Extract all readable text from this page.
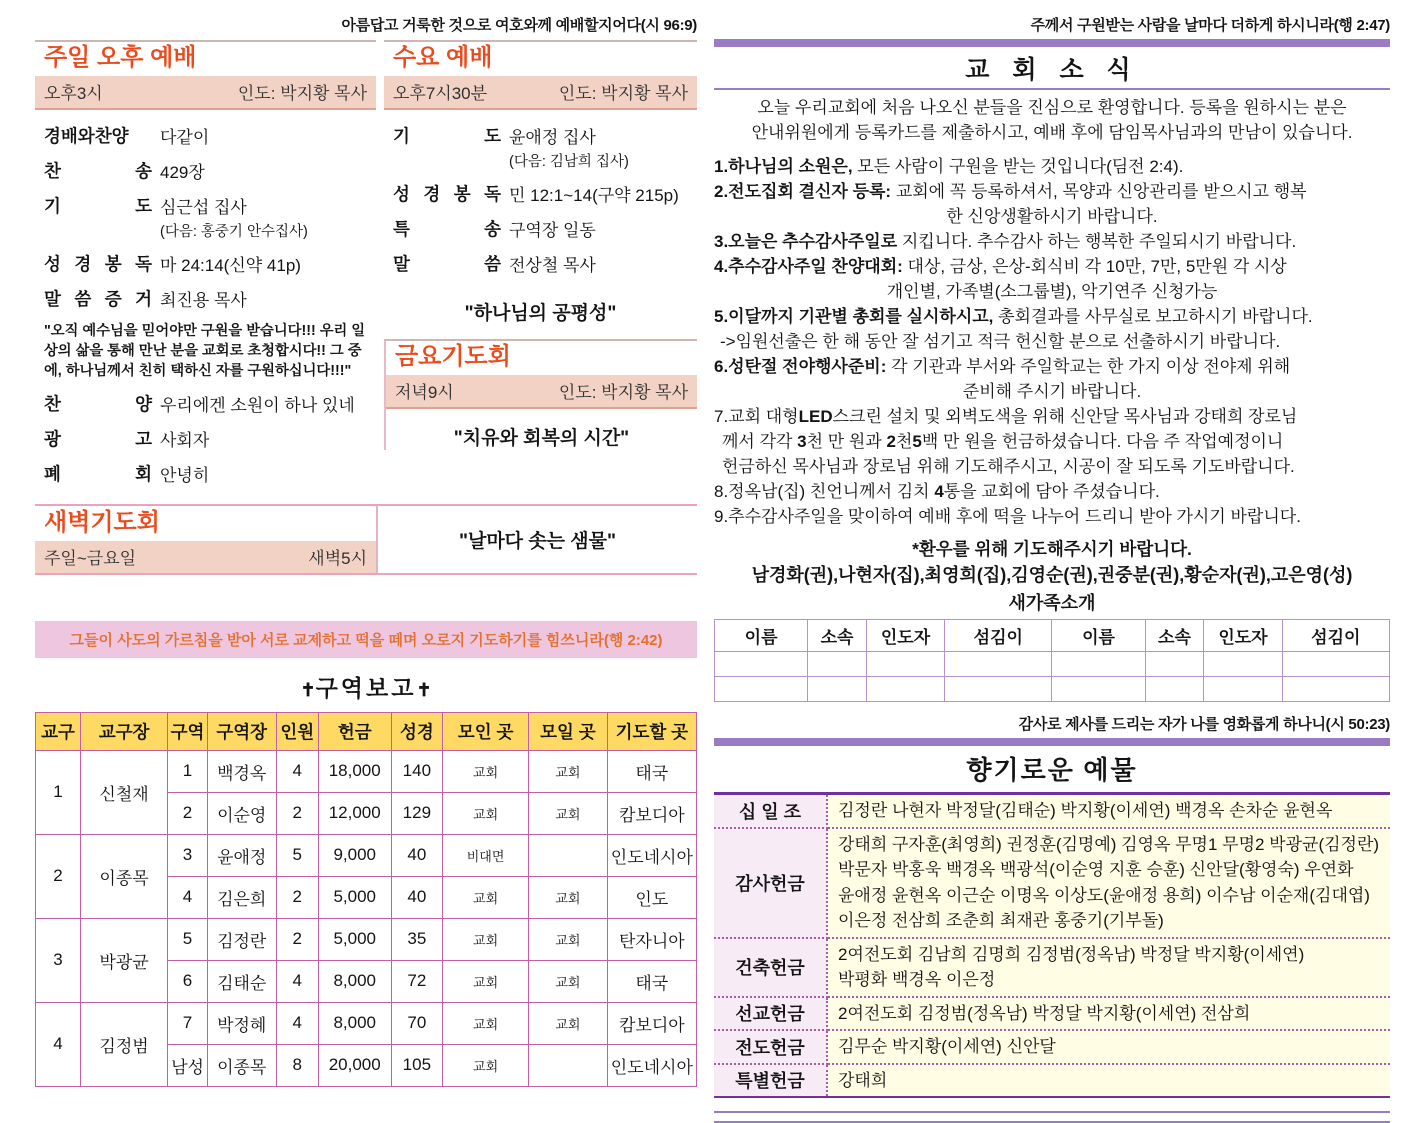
아름답고 거룩한 것으로 여호와께 예배할지어다(시 96:9)
주일 오후 예배
오후3시	인도: 박지황 목사
경배와찬양	다같이
찬 송 429장
기 도 심근섭 집사
(다음: 홍중기 안수집사)
성 경 봉 독 마 24:14(신약 41p)
말 씀 증 거 최진용 목사
"오직 예수님을 믿어야만 구원을 받습니다!!! 우리 일상의 삶을 통해 만난 분을 교회로 초청합시다!! 그 중에, 하나님께서 친히 택하신 자를 구원하십니다!!!"
찬 양 우리에겐 소원이 하나 있네
광 고 사회자
폐 회 안녕히
수요 예배
오후7시30분	인도: 박지황 목사
기 도 윤애정 집사
(다음: 김남희 집사)
성 경 봉 독 민 12:1~14(구약 215p)
특 송 구역장 일동
말 씀 전상철 목사
"하나님의 공평성"
금요기도회
저녁9시	인도: 박지황 목사
"치유와 회복의 시간"
새벽기도회
주일~금요일	새벽5시
"날마다 솟는 샘물"
그들이 사도의 가르침을 받아 서로 교제하고 떡을 떼며 오로지 기도하기를 힘쓰니라(행 2:42)
✝구역보고✝
교구	교구장	구역	구역장	인원	헌금	성경	모인 곳	모일 곳	기도할 곳
1	신철재	1	백경옥	4	18,000	140	교회	교회	태국
		2	이순영	2	12,000	129	교회	교회	캄보디아
2	이종목	3	윤애정	5	9,000	40	비대면		인도네시아
		4	김은희	2	5,000	40	교회	교회	인도
3	박광균	5	김정란	2	5,000	35	교회	교회	탄자니아
		6	김태순	4	8,000	72	교회	교회	태국
4	김정범	7	박정혜	4	8,000	70	교회	교회	캄보디아
		남성	이종목	8	20,000	105	교회		인도네시아
주께서 구원받는 사람을 날마다 더하게 하시니라(행 2:47)
교 회 소 식
오늘 우리교회에 처음 나오신 분들을 진심으로 환영합니다. 등록을 원하시는 분은
안내위원에게 등록카드를 제출하시고, 예배 후에 담임목사님과의 만남이 있습니다.
1.하나님의 소원은, 모든 사람이 구원을 받는 것입니다(딤전 2:4).
2.전도집회 결신자 등록: 교회에 꼭 등록하셔서, 목양과 신앙관리를 받으시고 행복
한 신앙생활하시기 바랍니다.
3.오늘은 추수감사주일로 지킵니다. 추수감사 하는 행복한 주일되시기 바랍니다.
4.추수감사주일 찬양대회: 대상, 금상, 은상-회식비 각 10만, 7만, 5만원 각 시상
개인별, 가족별(소그룹별), 악기연주 신청가능
5.이달까지 기관별 총회를 실시하시고, 총회결과를 사무실로 보고하시기 바랍니다.
->임원선출은 한 해 동안 잘 섬기고 적극 헌신할 분으로 선출하시기 바랍니다.
6.성탄절 전야행사준비: 각 기관과 부서와 주일학교는 한 가지 이상 전야제 위해
준비해 주시기 바랍니다.
7.교회 대형LED스크린 설치 및 외벽도색을 위해 신안달 목사님과 강태희 장로님
께서 각각 3천 만 원과 2천5백 만 원을 헌금하셨습니다. 다음 주 작업예정이니
헌금하신 목사님과 장로님 위해 기도해주시고, 시공이 잘 되도록 기도바랍니다.
8.정옥남(집) 친언니께서 김치 4통을 교회에 담아 주셨습니다.
9.추수감사주일을 맞이하여 예배 후에 떡을 나누어 드리니 받아 가시기 바랍니다.
*환우를 위해 기도해주시기 바랍니다.
남경화(권),나현자(집),최영희(집),김영순(권),권중분(권),황순자(권),고은영(성)
새가족소개
이름	소속	인도자	섬김이	이름	소속	인도자	섬김이

감사로 제사를 드리는 자가 나를 영화롭게 하나니(시 50:23)
향기로운 예물
십 일 조	김정란 나현자 박정달(김태순) 박지황(이세연) 백경옥 손차순 윤현옥

감사헌금	강태희 구자훈(최영희) 권정훈(김명예) 김영옥 무명1 무명2 박광균(김정란)
박문자 박홍욱 백경옥 백광석(이순영 지훈 승훈) 신안달(황영숙) 우연화
윤애정 윤현옥 이근순 이명옥 이상도(윤애정 용희) 이수남 이순재(김대엽)
이은정 전삼희 조춘희 최재관 홍중기(기부돌)

건축헌금	2여전도회 김남희 김명희 김정범(정옥남) 박정달 박지황(이세연)
박평화 백경옥 이은정

선교헌금	2여전도회 김정범(정옥남) 박정달 박지황(이세연) 전삼희

전도헌금	김무순 박지황(이세연) 신안달

특별헌금	강태희
